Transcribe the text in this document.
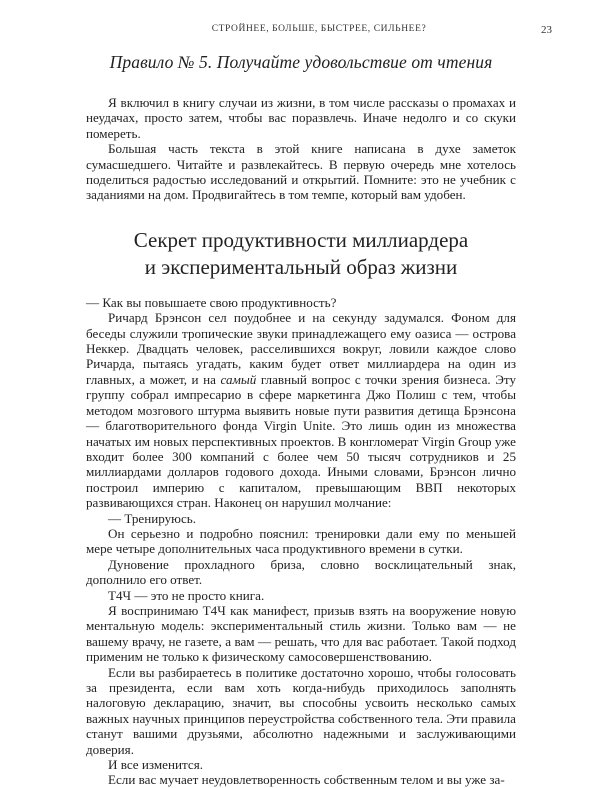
СТРОЙНЕЕ, БОЛЬШЕ, БЫСТРЕЕ, СИЛЬНЕЕ?	23
Правило № 5. Получайте удовольствие от чтения

Я включил в книгу случаи из жизни, в том числе рассказы о промахах и неудачах, просто затем, чтобы вас поразвлечь. Иначе недолго и со скуки помереть.

Большая часть текста в этой книге написана в духе заметок сумасшедшего. Читайте и развлекайтесь. В первую очередь мне хотелось поделиться радостью исследований и открытий. Помните: это не учебник с заданиями на дом. Продвигайтесь в том темпе, который вам удобен.

Секрет продуктивности миллиардера
и экспериментальный образ жизни

— Как вы повышаете свою продуктивность?

Ричард Брэнсон сел поудобнее и на секунду задумался. Фоном для беседы служили тропические звуки принадлежащего ему оазиса — острова Неккер. Двадцать человек, расселившихся вокруг, ловили каждое слово Ричарда, пытаясь угадать, каким будет ответ миллиардера на один из главных, а может, и на самый главный вопрос с точки зрения бизнеса. Эту группу собрал импресарио в сфере маркетинга Джо Полиш с тем, чтобы методом мозгового штурма выявить новые пути развития детища Брэнсона — благотворительного фонда Virgin Unite. Это лишь один из множества начатых им новых перспективных проектов. В конгломерат Virgin Group уже входит более 300 компаний с более чем 50 тысяч сотрудников и 25 миллиардами долларов годового дохода. Иными словами, Брэнсон лично построил империю с капиталом, превышающим ВВП некоторых развивающихся стран. Наконец он нарушил молчание:

— Тренируюсь.

Он серьезно и подробно пояснил: тренировки дали ему по меньшей мере четыре дополнительных часа продуктивного времени в сутки.

Дуновение прохладного бриза, словно восклицательный знак, дополнило его ответ.

Т4Ч — это не просто книга.

Я воспринимаю Т4Ч как манифест, призыв взять на вооружение новую ментальную модель: экспериментальный стиль жизни. Только вам — не вашему врачу, не газете, а вам — решать, что для вас работает. Такой подход применим не только к физическому самосовершенствованию.

Если вы разбираетесь в политике достаточно хорошо, чтобы голосовать за президента, если вам хоть когда-нибудь приходилось заполнять налоговую декларацию, значит, вы способны усвоить несколько самых важных научных принципов переустройства собственного тела. Эти правила станут вашими друзьями, абсолютно надежными и заслуживающими доверия.

И все изменится.

Если вас мучает неудовлетворенность собственным телом и вы уже за-
